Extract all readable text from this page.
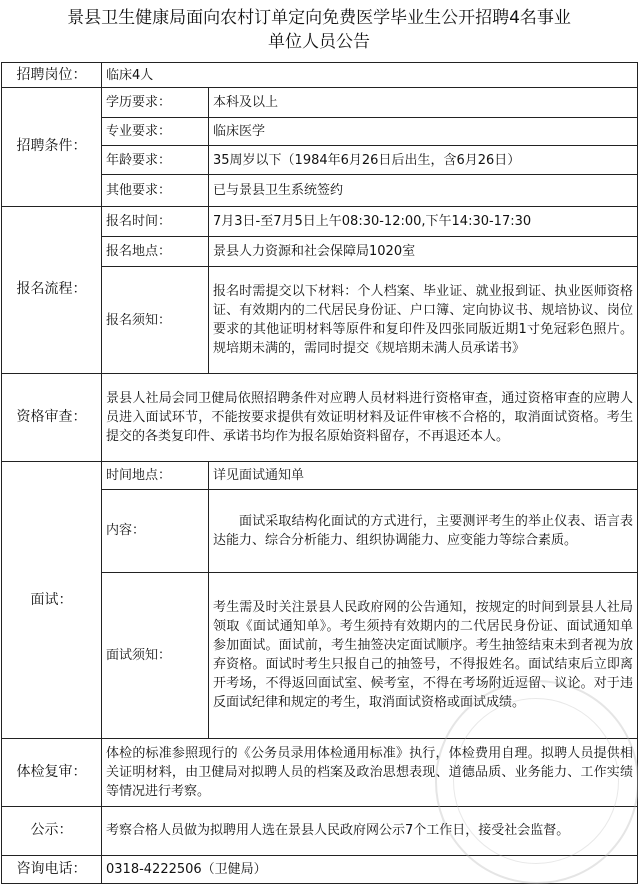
景县卫生健康局面向农村订单定向免费医学毕业生公开招聘4名事业
单位人员公告
招聘岗位：	临床4人	
招聘条件：	学历要求：	本科及以上
	专业要求：	临床医学
	年龄要求：	35周岁以下（1984年6月26日后出生，含6月26日）
	其他要求：	已与景县卫生系统签约
报名流程：	报名时间：	7月3日-至7月5日上午08:30-12:00,下午14:30-17:30
	报名地点：	景县人力资源和社会保障局1020室
	报名须知：	报名时需提交以下材料：个人档案、毕业证、就业报到证、执业医师资格证、有效期内的二代居民身份证、户口簿、定向协议书、规培协议、岗位要求的其他证明材料等原件和复印件及四张同版近期1寸免冠彩色照片。规培期未满的，需同时提交《规培期未满人员承诺书》
资格审查：	景县人社局会同卫健局依照招聘条件对应聘人员材料进行资格审查，通过资格审查的应聘人员进入面试环节，不能按要求提供有效证明材料及证件审核不合格的，取消面试资格。考生提交的各类复印件、承诺书均作为报名原始资料留存，不再退还本人。	
面试：	时间地点：	详见面试通知单
	内容：	面试采取结构化面试的方式进行，主要测评考生的举止仪表、语言表达能力、综合分析能力、组织协调能力、应变能力等综合素质。
	面试须知：	考生需及时关注景县人民政府网的公告通知，按规定的时间到景县人社局领取《面试通知单》。考生须持有效期内的二代居民身份证、面试通知单参加面试。面试前，考生抽签决定面试顺序。考生抽签结束未到者视为放弃资格。面试时考生只报自己的抽签号，不得报姓名。面试结束后立即离开考场，不得返回面试室、候考室，不得在考场附近逗留、议论。对于违反面试纪律和规定的考生，取消面试资格或面试成绩。
体检复审：	体检的标准参照现行的《公务员录用体检通用标准》执行，体检费用自理。拟聘人员提供相关证明材料，由卫健局对拟聘人员的档案及政治思想表现、道德品质、业务能力、工作实绩等情况进行考察。	
公示：	考察合格人员做为拟聘用人选在景县人民政府网公示7个工作日，接受社会监督。	
咨询电话：	0318-4222506（卫健局）	
